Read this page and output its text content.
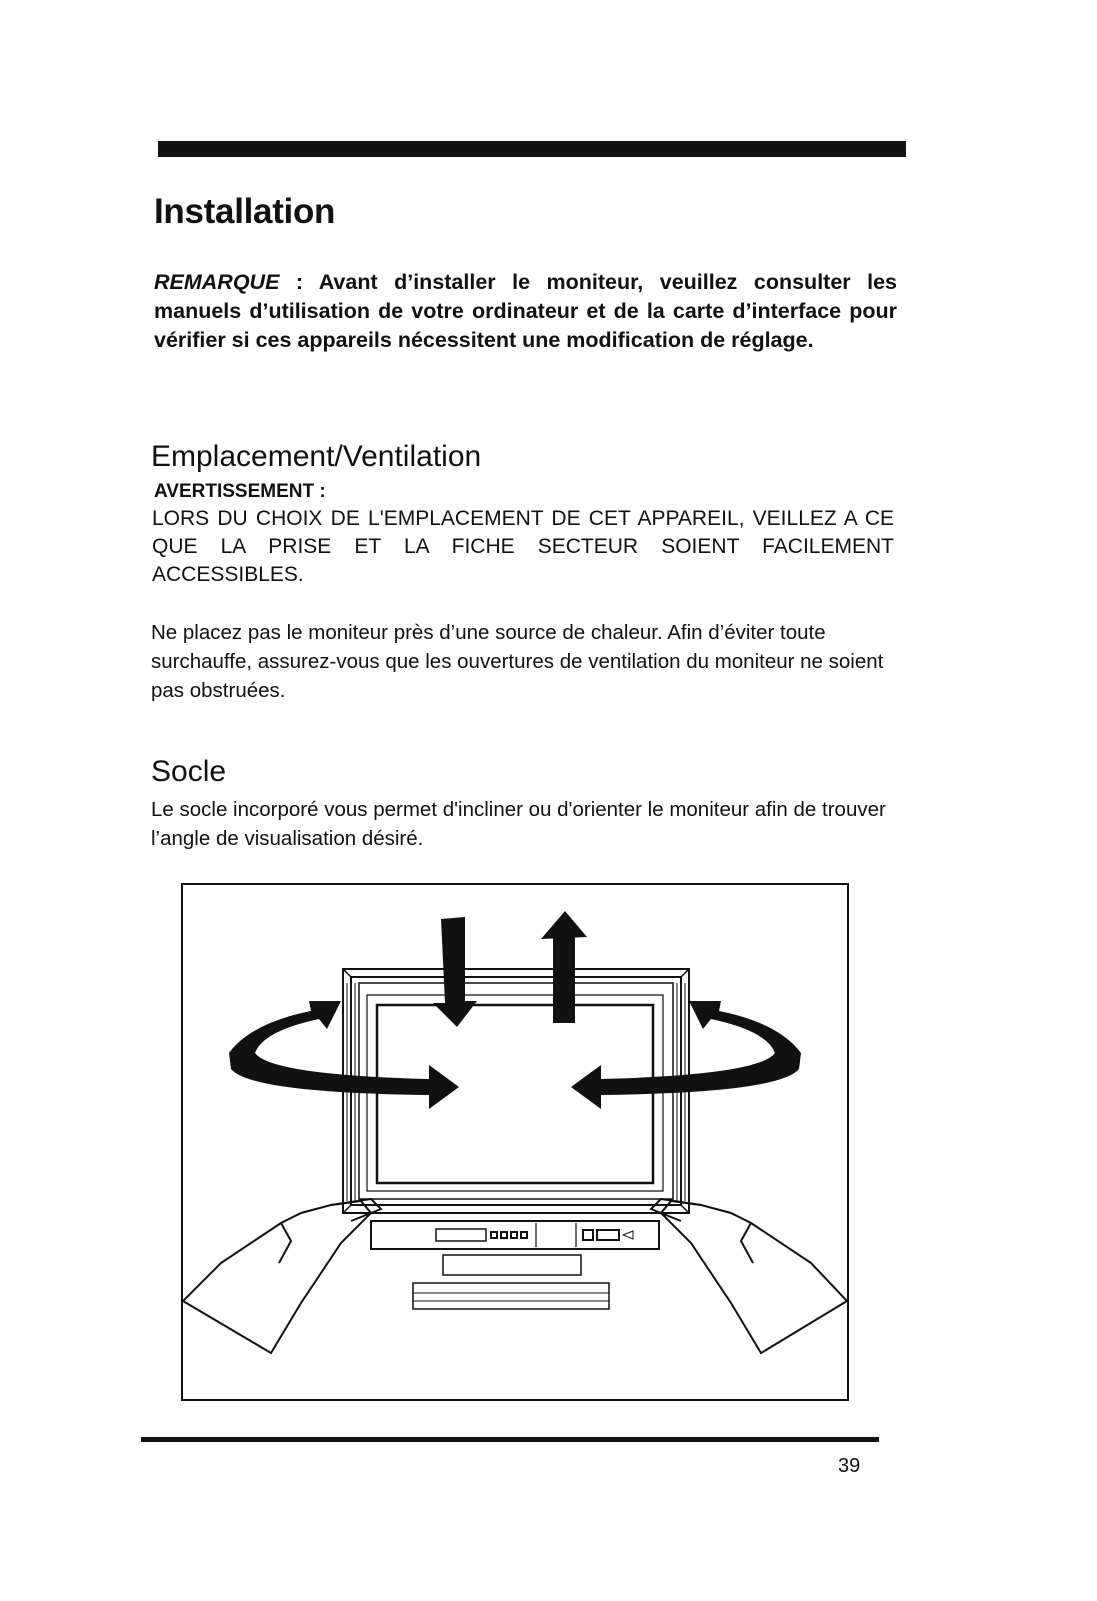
Installation

REMARQUE : Avant d’installer le moniteur, veuillez consulter les manuels d’utilisation de votre ordinateur et de la carte d’interface pour vérifier si ces appareils nécessitent une modification de réglage.

Emplacement/Ventilation

AVERTISSEMENT :

LORS DU CHOIX DE L'EMPLACEMENT DE CET APPAREIL, VEILLEZ A CE QUE LA PRISE ET LA FICHE SECTEUR SOIENT FACILEMENT ACCESSIBLES.

Ne placez pas le moniteur près d’une source de chaleur. Afin d’éviter toute surchauffe, assurez-vous que les ouvertures de ventilation du moniteur ne soient pas obstruées.

Socle

Le socle incorporé vous permet d'incliner ou d'orienter le moniteur afin de trouver l’angle de visualisation désiré.

39
